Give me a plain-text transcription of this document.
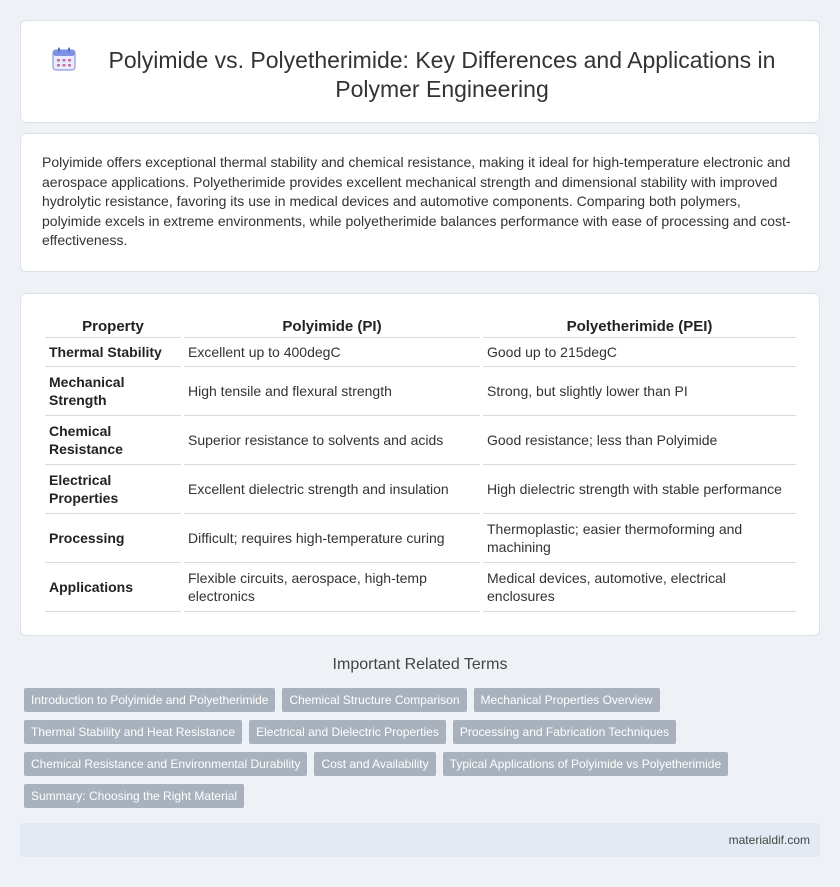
Polyimide vs. Polyetherimide: Key Differences and Applications in Polymer Engineering

Polyimide offers exceptional thermal stability and chemical resistance, making it ideal for high-temperature electronic and aerospace applications. Polyetherimide provides excellent mechanical strength and dimensional stability with improved hydrolytic resistance, favoring its use in medical devices and automotive components. Comparing both polymers, polyimide excels in extreme environments, while polyetherimide balances performance with ease of processing and cost-effectiveness.

Property	Polyimide (PI)	Polyetherimide (PEI)
Thermal Stability	Excellent up to 400degC	Good up to 215degC
Mechanical Strength	High tensile and flexural strength	Strong, but slightly lower than PI
Chemical Resistance	Superior resistance to solvents and acids	Good resistance; less than Polyimide
Electrical Properties	Excellent dielectric strength and insulation	High dielectric strength with stable performance
Processing	Difficult; requires high-temperature curing	Thermoplastic; easier thermoforming and machining
Applications	Flexible circuits, aerospace, high-temp electronics	Medical devices, automotive, electrical enclosures
Important Related Terms
Introduction to Polyimide and Polyetherimide	Chemical Structure Comparison	Mechanical Properties Overview
Thermal Stability and Heat Resistance	Electrical and Dielectric Properties	Processing and Fabrication Techniques
Chemical Resistance and Environmental Durability	Cost and Availability	Typical Applications of Polyimide vs Polyetherimide
Summary: Choosing the Right Material
materialdif.com
